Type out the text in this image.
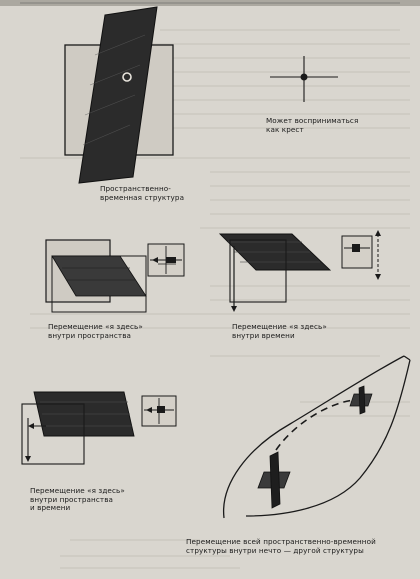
Пространственно-
временная структура

Может восприниматься
как крест

Перемещение «я здесь»
внутри пространства

Перемещение «я здесь»
внутри времени

Перемещение «я здесь»
внутри пространства
и времени

Перемещение всей пространственно-временной
структуры внутри нечто — другой структуры
